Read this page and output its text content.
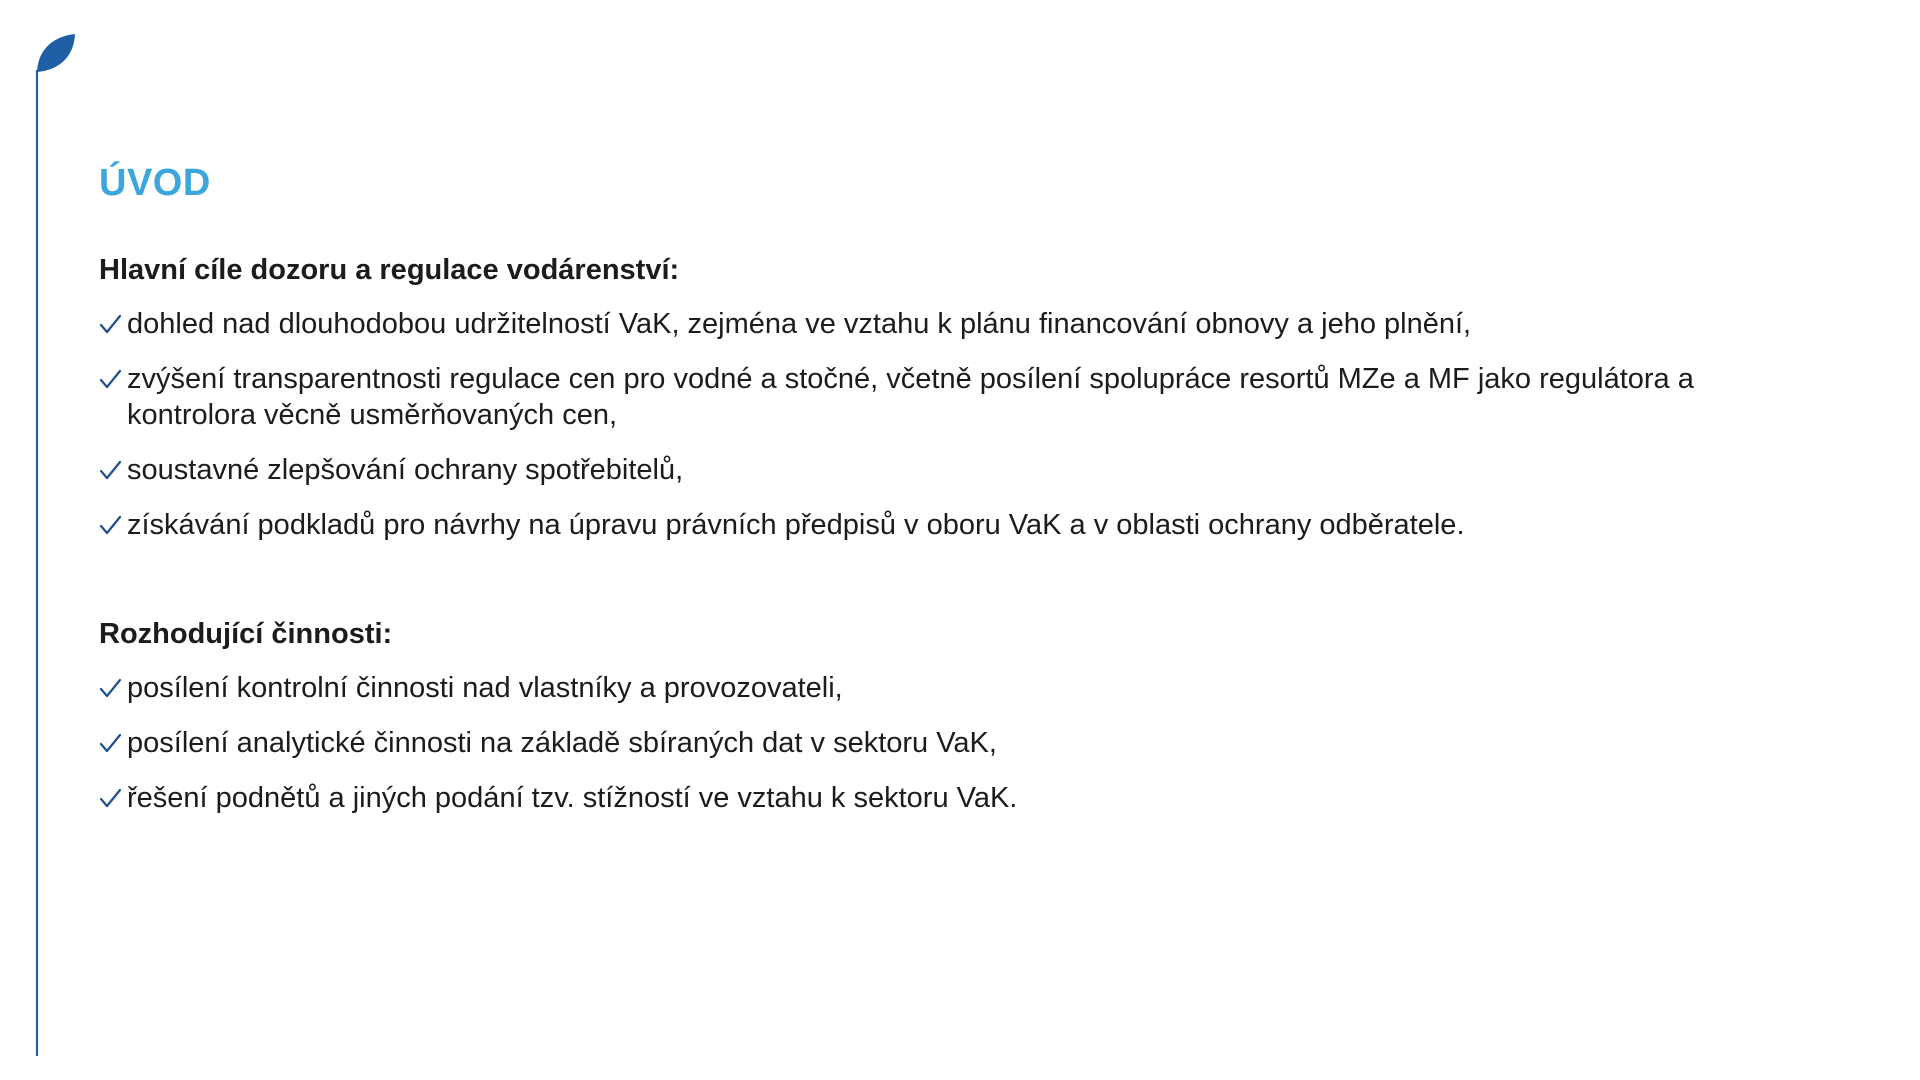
ÚVOD

Hlavní cíle dozoru a regulace vodárenství:

dohled nad dlouhodobou udržitelností VaK, zejména ve vztahu k plánu financování obnovy a jeho plnění,
zvýšení transparentnosti regulace cen pro vodné a stočné, včetně posílení spolupráce resortů MZe a MF jako regulátora a kontrolora věcně usměrňovaných cen,
soustavné zlepšování ochrany spotřebitelů,
získávání podkladů pro návrhy na úpravu právních předpisů v oboru VaK a v oblasti ochrany odběratele.

Rozhodující činnosti:

posílení kontrolní činnosti nad vlastníky a provozovateli,
posílení analytické činnosti na základě sbíraných dat v sektoru VaK,
řešení podnětů a jiných podání tzv. stížností ve vztahu k sektoru VaK.
